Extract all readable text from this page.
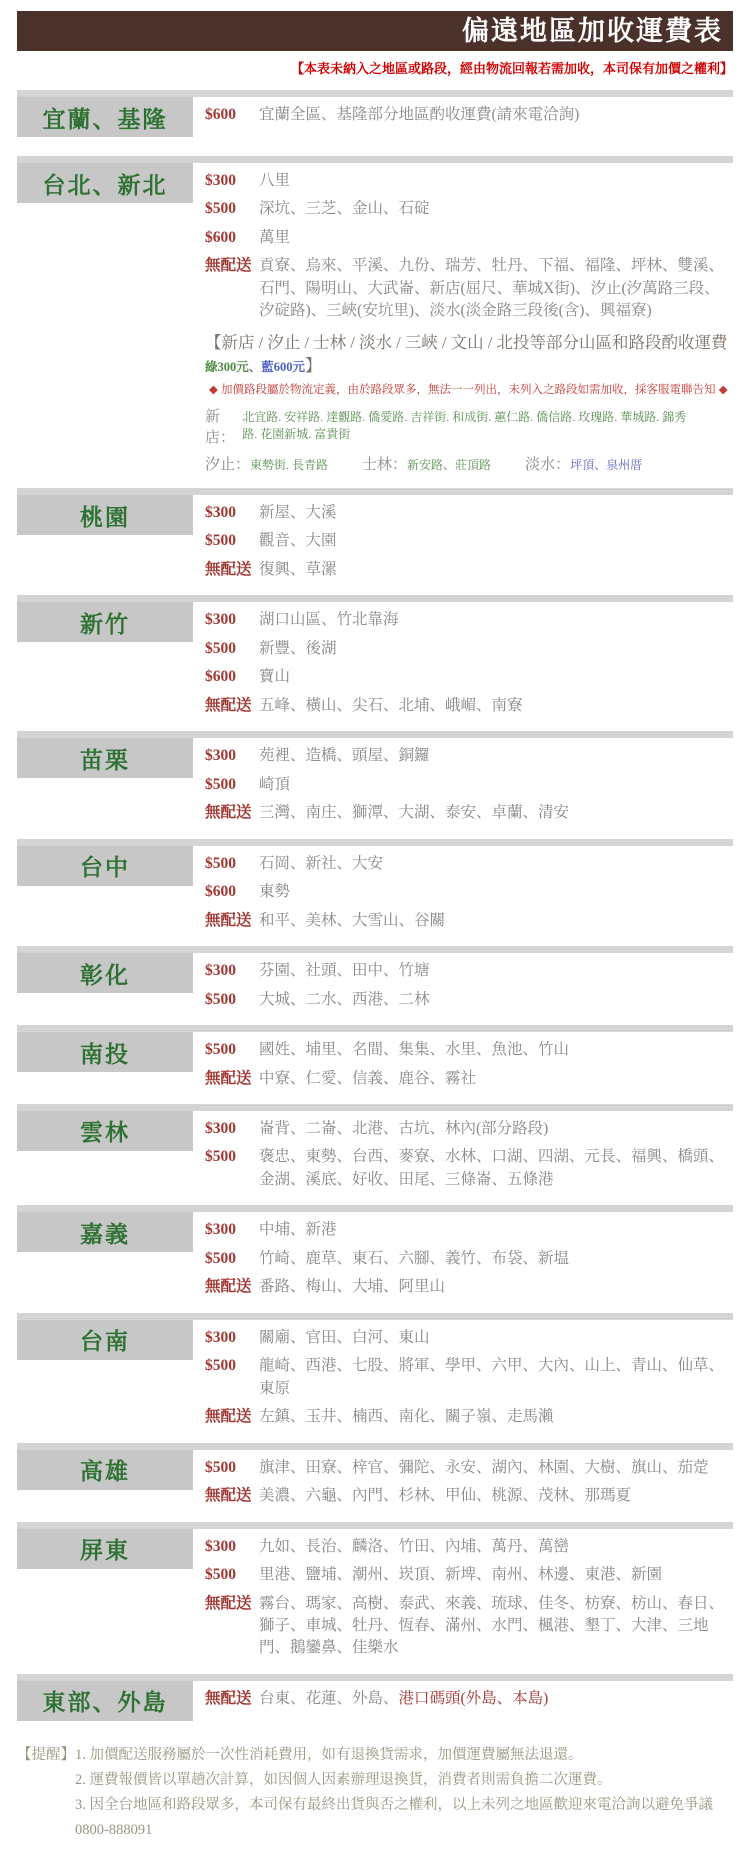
偏遠地區加收運費表
【本表未納入之地區或路段，經由物流回報若需加收，本司保有加價之權利】
宜蘭、基隆	$600	宜蘭全區、基隆部分地區酌收運費(請來電洽詢)
台北、新北	$300	八里
$500	深坑、三芝、金山、石碇
$600	萬里
無配送 貢寮、烏來、平溪、九份、瑞芳、牡丹、下福、福隆、坪林、雙溪、石門、陽明山、大武崙、新店(屈尺、華城X街)、汐止(汐萬路三段、汐碇路)、三峽(安坑里)、淡水(淡金路三段後(含)、興福寮)
【新店 / 汐止 / 士林 / 淡水 / 三峽 / 文山 / 北投等部分山區和路段酌收運費 綠300元、藍600元】
◆ 加價路段屬於物流定義，由於路段眾多，無法一一列出，未列入之路段如需加收，採客服電聯告知 ◆
新店：
北宜路. 安祥路. 達觀路. 僑愛路. 吉祥街. 和成街. 蕙仁路. 僑信路. 玫瑰路. 華城路. 錦秀路. 花園新城. 富貴街
汐止： 東勢街. 長青路 士林： 新安路、莊頂路 淡水： 坪頂、泉州厝
桃園	$300	新屋、大溪
$500	觀音、大園
無配送 復興、草漯
新竹	$300	湖口山區、竹北靠海
$500	新豐、後湖
$600	寶山
無配送 五峰、橫山、尖石、北埔、峨嵋、南寮
苗栗	$300	苑裡、造橋、頭屋、銅鑼
$500	崎頂
無配送 三灣、南庄、獅潭、大湖、泰安、卓蘭、清安
台中	$500	石岡、新社、大安
$600	東勢
無配送 和平、美林、大雪山、谷關
彰化	$300	芬園、社頭、田中、竹塘
$500	大城、二水、西港、二林
南投	$500	國姓、埔里、名間、集集、水里、魚池、竹山
無配送 中寮、仁愛、信義、鹿谷、霧社
雲林	$300	崙背、二崙、北港、古坑、林內(部分路段)
$500	褒忠、東勢、台西、麥寮、水林、口湖、四湖、元長、福興、橋頭、金湖、溪底、好收、田尾、三條崙、五條港
嘉義	$300	中埔、新港
$500	竹崎、鹿草、東石、六腳、義竹、布袋、新塭
無配送 番路、梅山、大埔、阿里山
台南	$300	關廟、官田、白河、東山
$500	龍崎、西港、七股、將軍、學甲、六甲、大內、山上、青山、仙草、東原
無配送 左鎮、玉井、楠西、南化、關子嶺、走馬瀨
高雄	$500	旗津、田寮、梓官、彌陀、永安、湖內、林園、大樹、旗山、茄萣
無配送 美濃、六龜、內門、杉林、甲仙、桃源、茂林、那瑪夏
屏東	$300	九如、長治、麟洛、竹田、內埔、萬丹、萬巒
$500	里港、鹽埔、潮州、崁頂、新埤、南州、林邊、東港、新園
無配送 霧台、瑪家、高樹、泰武、來義、琉球、佳冬、枋寮、枋山、春日、獅子、車城、牡丹、恆春、滿州、水門、楓港、墾丁、大津、三地門、鵝鑾鼻、佳樂水
東部、外島	無配送 台東、花蓮、外島、港口碼頭(外島、本島)
【提醒】1. 加價配送服務屬於一次性消耗費用，如有退換貨需求，加價運費屬無法退還。
2. 運費報價皆以單趟次計算，如因個人因素辦理退換貨，消費者則需負擔二次運費。
3. 因全台地區和路段眾多，本司保有最終出貨與否之權利，以上未列之地區歡迎來電洽詢以避免爭議0800-888091
